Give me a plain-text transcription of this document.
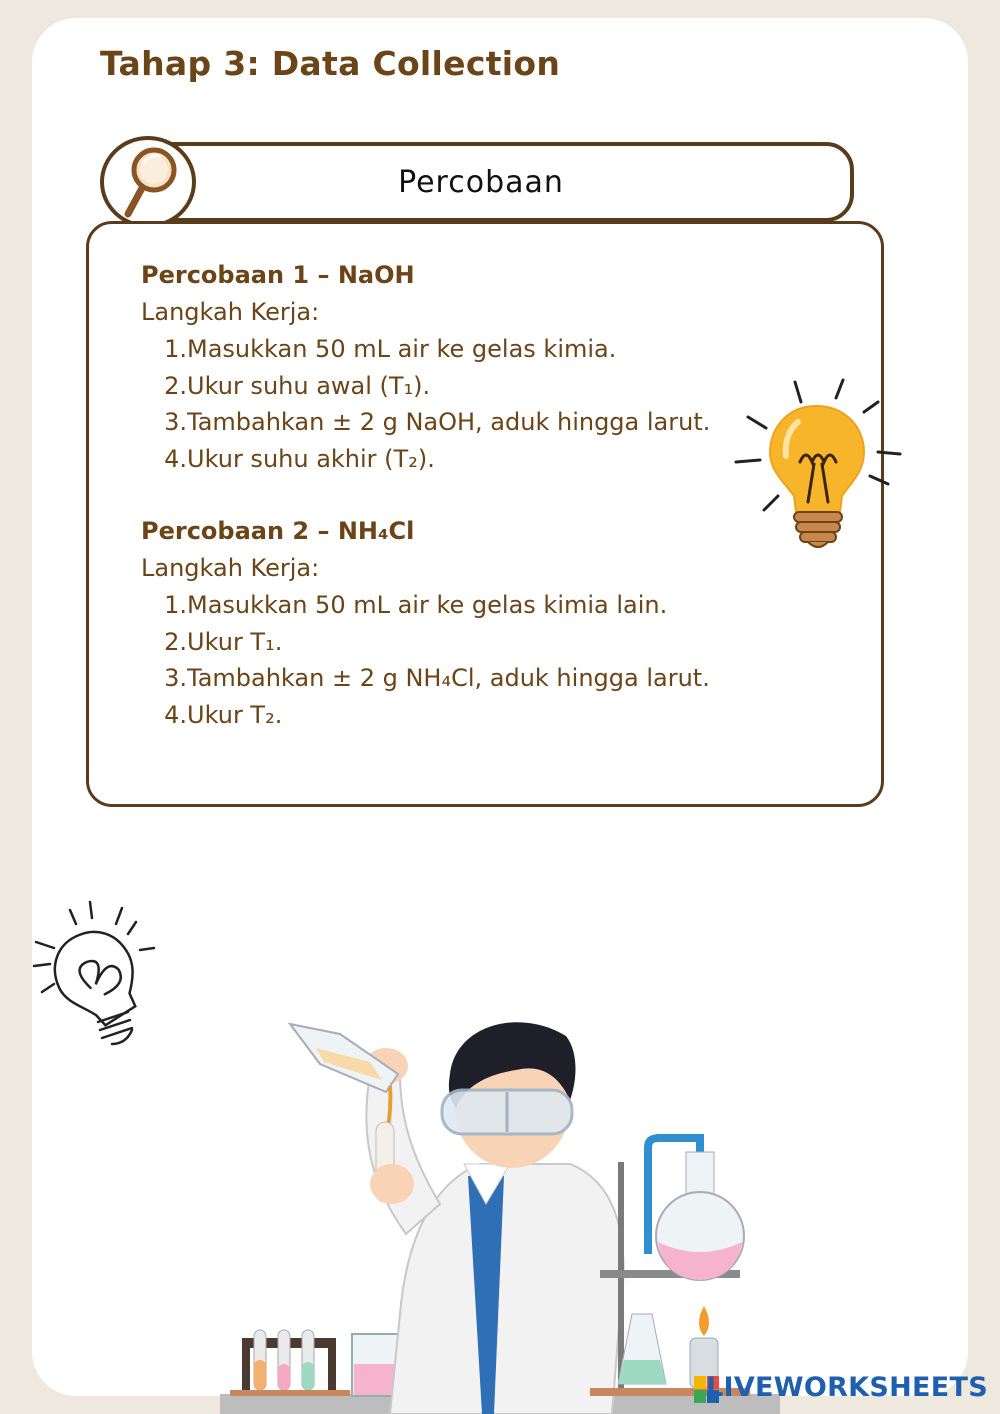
Tahap 3: Data Collection
Percobaan
Percobaan 1 – NaOH
Langkah Kerja:
1.Masukkan 50 mL air ke gelas kimia.
2.Ukur suhu awal (T₁).
3.Tambahkan ± 2 g NaOH, aduk hingga larut.
4.Ukur suhu akhir (T₂).
Percobaan 2 – NH₄Cl
Langkah Kerja:
1.Masukkan 50 mL air ke gelas kimia lain.
2.Ukur T₁.
3.Tambahkan ± 2 g NH₄Cl, aduk hingga larut.
4.Ukur T₂.
LIVEWORKSHEETS
